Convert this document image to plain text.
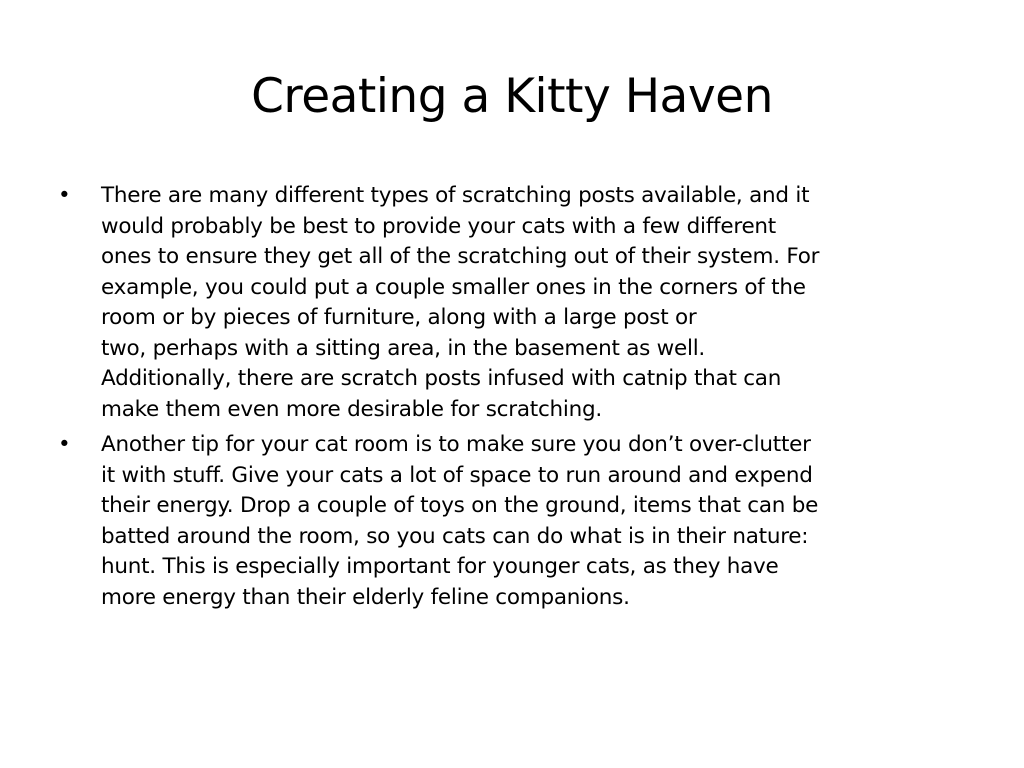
Creating a Kitty Haven
•	There are many different types of scratching posts available, and it
would probably be best to provide your cats with a few different
ones to ensure they get all of the scratching out of their system. For
example, you could put a couple smaller ones in the corners of the
room or by pieces of furniture, along with a large post or
two, perhaps with a sitting area, in the basement as well.
Additionally, there are scratch posts infused with catnip that can
make them even more desirable for scratching.
•	Another tip for your cat room is to make sure you don’t over-clutter
it with stuff. Give your cats a lot of space to run around and expend
their energy. Drop a couple of toys on the ground, items that can be
batted around the room, so you cats can do what is in their nature:
hunt. This is especially important for younger cats, as they have
more energy than their elderly feline companions.
